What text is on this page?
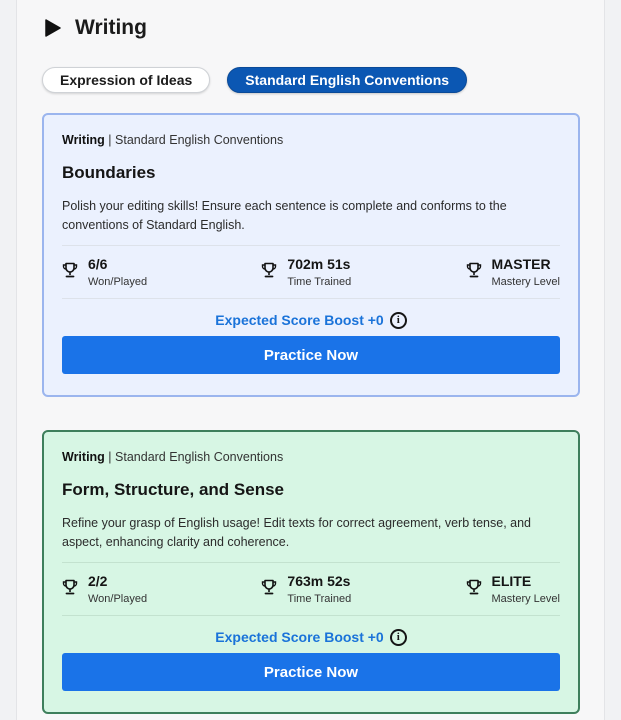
Writing
Expression of Ideas	Standard English Conventions
Writing | Standard English Conventions
Boundaries
Polish your editing skills! Ensure each sentence is complete and conforms to the conventions of Standard English.
6/6
Won/Played
702m 51s
Time Trained
MASTER
Mastery Level
Expected Score Boost +0	i
Practice Now
Writing | Standard English Conventions
Form, Structure, and Sense
Refine your grasp of English usage! Edit texts for correct agreement, verb tense, and aspect, enhancing clarity and coherence.
2/2
Won/Played
763m 52s
Time Trained
ELITE
Mastery Level
Expected Score Boost +0	i
Practice Now
